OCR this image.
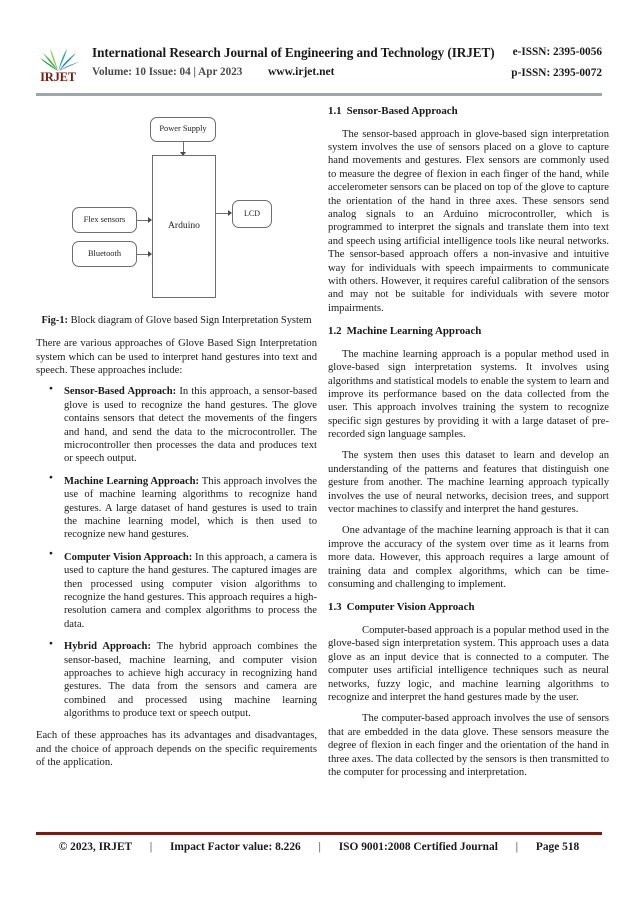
IRJET
International Research Journal of Engineering and Technology (IRJET)
Volume: 10 Issue: 04 | Apr 2023 www.irjet.net
e-ISSN: 2395-0056
p-ISSN: 2395-0072
Power Supply
Arduino
Flex sensors
Bluetooth
LCD
Fig-1: Block diagram of Glove based Sign Interpretation System

There are various approaches of Glove Based Sign Interpretation system which can be used to interpret hand gestures into text and speech. These approaches include:

● Sensor-Based Approach: In this approach, a sensor-based glove is used to recognize the hand gestures. The glove contains sensors that detect the movements of the fingers and hand, and send the data to the microcontroller. The microcontroller then processes the data and produces text or speech output.
● Machine Learning Approach: This approach involves the use of machine learning algorithms to recognize hand gestures. A large dataset of hand gestures is used to train the machine learning model, which is then used to recognize new hand gestures.
● Computer Vision Approach: In this approach, a camera is used to capture the hand gestures. The captured images are then processed using computer vision algorithms to recognize the hand gestures. This approach requires a high-resolution camera and complex algorithms to process the data.
● Hybrid Approach: The hybrid approach combines the sensor-based, machine learning, and computer vision approaches to achieve high accuracy in recognizing hand gestures. The data from the sensors and camera are combined and processed using machine learning algorithms to produce text or speech output.

Each of these approaches has its advantages and disadvantages, and the choice of approach depends on the specific requirements of the application.

1.1 Sensor-Based Approach

The sensor-based approach in glove-based sign interpretation system involves the use of sensors placed on a glove to capture hand movements and gestures. Flex sensors are commonly used to measure the degree of flexion in each finger of the hand, while accelerometer sensors can be placed on top of the glove to capture the orientation of the hand in three axes. These sensors send analog signals to an Arduino microcontroller, which is programmed to interpret the signals and translate them into text and speech using artificial intelligence tools like neural networks. The sensor-based approach offers a non-invasive and intuitive way for individuals with speech impairments to communicate with others. However, it requires careful calibration of the sensors and may not be suitable for individuals with severe motor impairments.

1.2 Machine Learning Approach

The machine learning approach is a popular method used in glove-based sign interpretation systems. It involves using algorithms and statistical models to enable the system to learn and improve its performance based on the data collected from the user. This approach involves training the system to recognize specific sign gestures by providing it with a large dataset of pre-recorded sign language samples.

The system then uses this dataset to learn and develop an understanding of the patterns and features that distinguish one gesture from another. The machine learning approach typically involves the use of neural networks, decision trees, and support vector machines to classify and interpret the hand gestures.

One advantage of the machine learning approach is that it can improve the accuracy of the system over time as it learns from more data. However, this approach requires a large amount of training data and complex algorithms, which can be time-consuming and challenging to implement.

1.3 Computer Vision Approach

Computer-based approach is a popular method used in the glove-based sign interpretation system. This approach uses a data glove as an input device that is connected to a computer. The computer uses artificial intelligence techniques such as neural networks, fuzzy logic, and machine learning algorithms to recognize and interpret the hand gestures made by the user.

The computer-based approach involves the use of sensors that are embedded in the data glove. These sensors measure the degree of flexion in each finger and the orientation of the hand in three axes. The data collected by the sensors is then transmitted to the computer for processing and interpretation.

© 2023, IRJET | Impact Factor value: 8.226 | ISO 9001:2008 Certified Journal | Page 518
